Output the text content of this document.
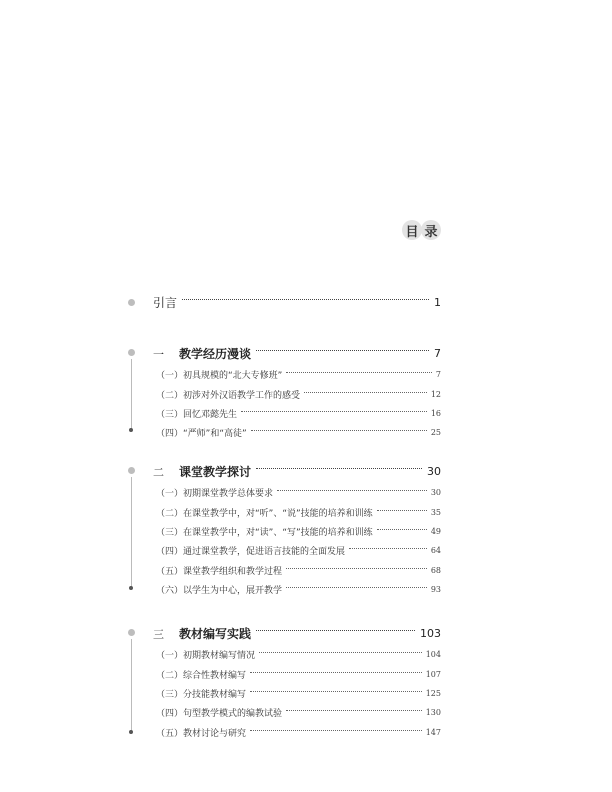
目 录
引言	1
一	教学经历漫谈	7
（一）初具规模的“北大专修班”	7
（二）初涉对外汉语教学工作的感受	12
（三）回忆邓懿先生	16
（四）“严师”和“高徒”	25
二	课堂教学探讨	30
（一）初期课堂教学总体要求	30
（二）在课堂教学中，对“听”、“说”技能的培养和训练	35
（三）在课堂教学中，对“读”、“写”技能的培养和训练	49
（四）通过课堂教学，促进语言技能的全面发展	64
（五）课堂教学组织和教学过程	68
（六）以学生为中心，展开教学	93
三	教材编写实践	103
（一）初期教材编写情况	104
（二）综合性教材编写	107
（三）分技能教材编写	125
（四）句型教学模式的编教试验	130
（五）教材讨论与研究	147
